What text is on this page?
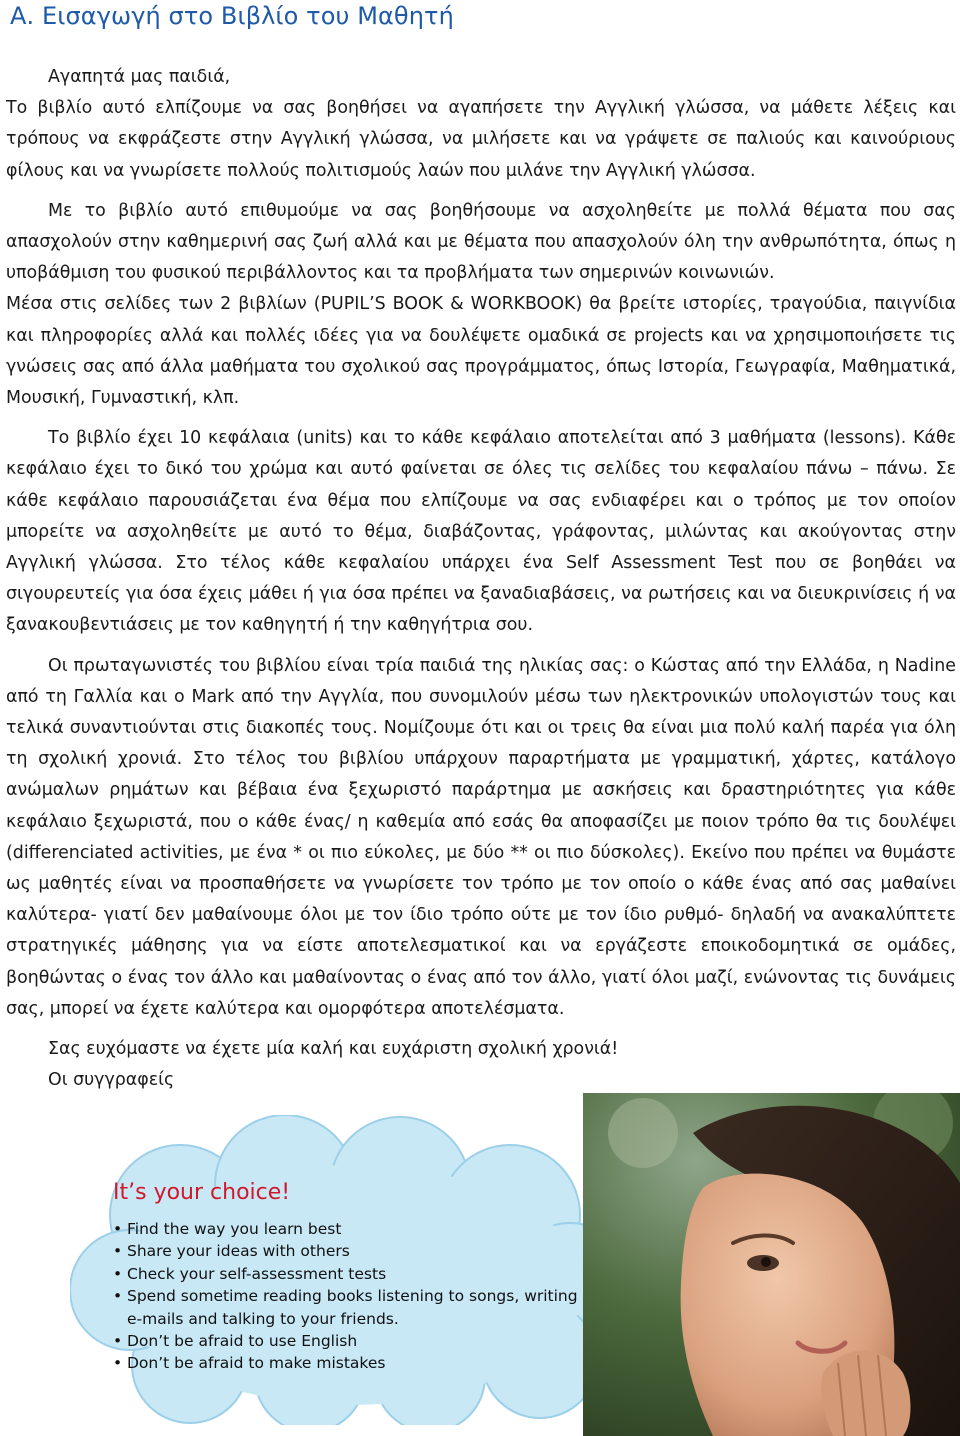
Α. Εισαγωγή στο Βιβλίο του Μαθητή

Αγαπητά μας παιδιά,

Το βιβλίο αυτό ελπίζουμε να σας βοηθήσει να αγαπήσετε την Αγγλική γλώσσα, να μάθετε λέξεις και τρόπους να εκφράζεστε στην Αγγλική γλώσσα, να μιλήσετε και να γράψετε σε παλιούς και καινούριους φίλους και να γνωρίσετε πολλούς πολιτισμούς λαών που μιλάνε την Αγγλική γλώσσα.

Με το βιβλίο αυτό επιθυμούμε να σας βοηθήσουμε να ασχοληθείτε με πολλά θέματα που σας απασχολούν στην καθημερινή σας ζωή αλλά και με θέματα που απασχολούν όλη την ανθρωπότητα, όπως η υποβάθμιση του φυσικού περιβάλλοντος και τα προβλήματα των σημερινών κοινωνιών.

Μέσα στις σελίδες των 2 βιβλίων (PUPIL’S BOOK & WORKBOOK) θα βρείτε ιστορίες, τραγούδια, παιγνίδια και πληροφορίες αλλά και πολλές ιδέες για να δουλέψετε ομαδικά σε projects και να χρησιμοποιήσετε τις γνώσεις σας από άλλα μαθήματα του σχολικού σας προγράμματος, όπως Ιστορία, Γεωγραφία, Μαθηματικά, Μουσική, Γυμναστική, κλπ.

Το βιβλίο έχει 10 κεφάλαια (units) και το κάθε κεφάλαιο αποτελείται από 3 μαθήματα (lessons). Κάθε κεφάλαιο έχει το δικό του χρώμα και αυτό φαίνεται σε όλες τις σελίδες του κεφαλαίου πάνω – πάνω. Σε κάθε κεφάλαιο παρουσιάζεται ένα θέμα που ελπίζουμε να σας ενδιαφέρει και ο τρόπος με τον οποίον μπορείτε να ασχοληθείτε με αυτό το θέμα, διαβάζοντας, γράφοντας, μιλώντας και ακούγοντας στην Αγγλική γλώσσα. Στο τέλος κάθε κεφαλαίου υπάρχει ένα Self Assessment Test που σε βοηθάει να σιγουρευτείς για όσα έχεις μάθει ή για όσα πρέπει να ξαναδιαβάσεις, να ρωτήσεις και να διευκρινίσεις ή να ξανακουβεντιάσεις με τον καθηγητή ή την καθηγήτρια σου.

Οι πρωταγωνιστές του βιβλίου είναι τρία παιδιά της ηλικίας σας: ο Κώστας από την Ελλάδα, η Nadine από τη Γαλλία και ο Mark από την Αγγλία, που συνομιλούν μέσω των ηλεκτρονικών υπολογιστών τους και τελικά συναντιούνται στις διακοπές τους. Νομίζουμε ότι και οι τρεις θα είναι μια πολύ καλή παρέα για όλη τη σχολική χρονιά. Στο τέλος του βιβλίου υπάρχουν παραρτήματα με γραμματική, χάρτες, κατάλογο ανώμαλων ρημάτων και βέβαια ένα ξεχωριστό παράρτημα με ασκήσεις και δραστηριότητες για κάθε κεφάλαιο ξεχωριστά, που ο κάθε ένας/ η καθεμία από εσάς θα αποφασίζει με ποιον τρόπο θα τις δουλέψει (differenciated activities, με ένα * οι πιο εύκολες, με δύο ** οι πιο δύσκολες). Εκείνο που πρέπει να θυμάστε ως μαθητές είναι να προσπαθήσετε να γνωρίσετε τον τρόπο με τον οποίο ο κάθε ένας από σας μαθαίνει καλύτερα- γιατί δεν μαθαίνουμε όλοι με τον ίδιο τρόπο ούτε με τον ίδιο ρυθμό- δηλαδή να ανακαλύπτετε στρατηγικές μάθησης για να είστε αποτελεσματικοί και να εργάζεστε εποικοδομητικά σε ομάδες, βοηθώντας ο ένας τον άλλο και μαθαίνοντας ο ένας από τον άλλο, γιατί όλοι μαζί, ενώνοντας τις δυνάμεις σας, μπορεί να έχετε καλύτερα και ομορφότερα αποτελέσματα.

Σας ευχόμαστε να έχετε μία καλή και ευχάριστη σχολική χρονιά!

Οι συγγραφείς

It’s your choice!
• Find the way you learn best
• Share your ideas with others
• Check your self-assessment tests
• Spend sometime reading books listening to songs, writing e-mails and talking to your friends.
• Don’t be afraid to use English
• Don’t be afraid to make mistakes
